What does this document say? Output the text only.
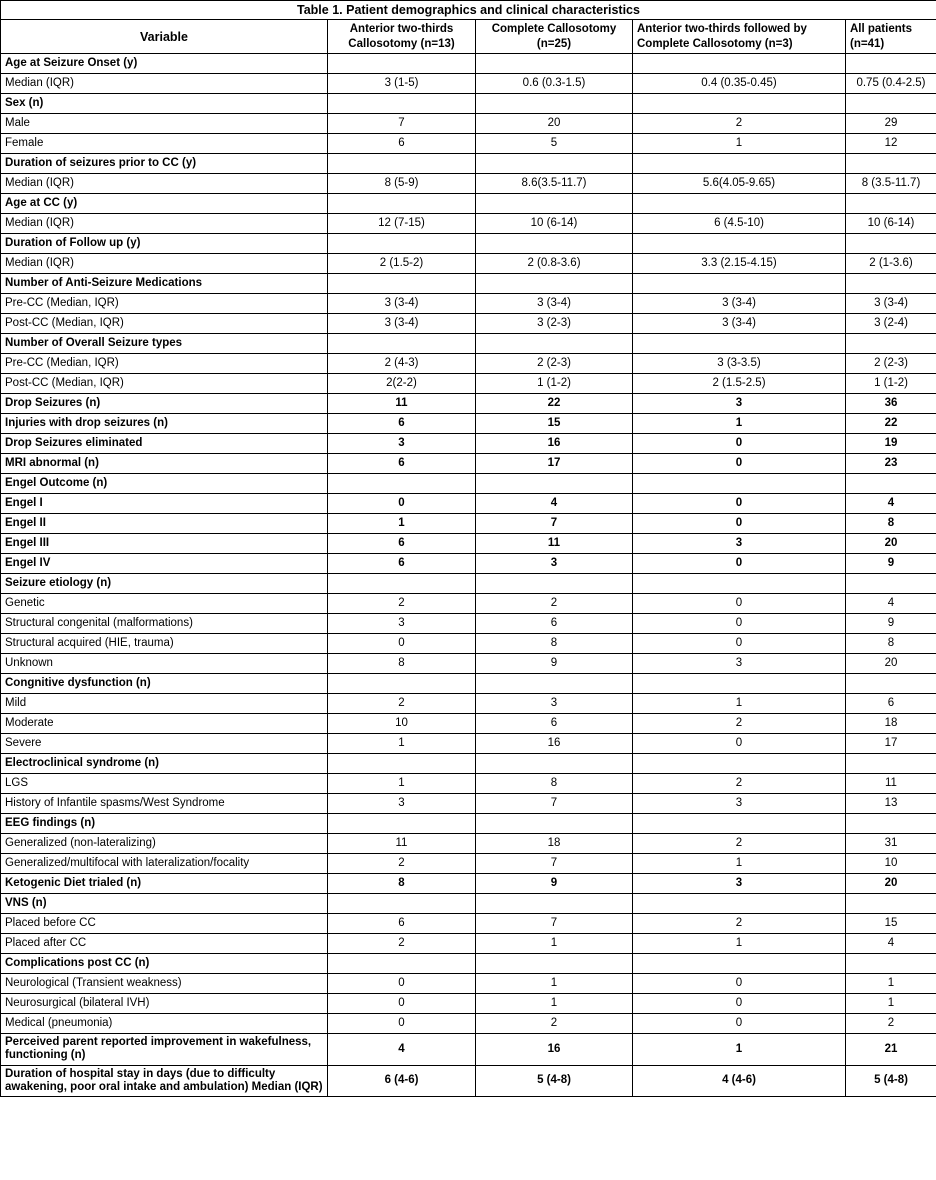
Table 1. Patient demographics and clinical characteristics				
Variable	Anterior two-thirds Callosotomy (n=13)	Complete Callosotomy (n=25)	Anterior two-thirds followed by Complete Callosotomy (n=3)	All patients (n=41)
Age at Seizure Onset (y)				
Median (IQR)	3 (1-5)	0.6 (0.3-1.5)	0.4 (0.35-0.45)	0.75 (0.4-2.5)
Sex (n)				
Male	7	20	2	29
Female	6	5	1	12
Duration of seizures prior to CC (y)				
Median (IQR)	8 (5-9)	8.6(3.5-11.7)	5.6(4.05-9.65)	8 (3.5-11.7)
Age at CC (y)				
Median (IQR)	12 (7-15)	10 (6-14)	6 (4.5-10)	10 (6-14)
Duration of Follow up (y)				
Median (IQR)	2 (1.5-2)	2 (0.8-3.6)	3.3 (2.15-4.15)	2 (1-3.6)
Number of Anti-Seizure Medications				
Pre-CC (Median, IQR)	3 (3-4)	3 (3-4)	3 (3-4)	3 (3-4)
Post-CC (Median, IQR)	3 (3-4)	3 (2-3)	3 (3-4)	3 (2-4)
Number of Overall Seizure types				
Pre-CC (Median, IQR)	2 (4-3)	2 (2-3)	3 (3-3.5)	2 (2-3)
Post-CC (Median, IQR)	2(2-2)	1 (1-2)	2 (1.5-2.5)	1 (1-2)
Drop Seizures (n)	11	22	3	36
Injuries with drop seizures (n)	6	15	1	22
Drop Seizures eliminated	3	16	0	19
MRI abnormal (n)	6	17	0	23
Engel Outcome (n)				
Engel I	0	4	0	4
Engel II	1	7	0	8
Engel III	6	11	3	20
Engel IV	6	3	0	9
Seizure etiology (n)				
Genetic	2	2	0	4
Structural congenital (malformations)	3	6	0	9
Structural acquired (HIE, trauma)	0	8	0	8
Unknown	8	9	3	20
Congnitive dysfunction (n)				
Mild	2	3	1	6
Moderate	10	6	2	18
Severe	1	16	0	17
Electroclinical syndrome (n)				
LGS	1	8	2	11
History of Infantile spasms/West Syndrome	3	7	3	13
EEG findings (n)				
Generalized (non-lateralizing)	11	18	2	31
Generalized/multifocal with lateralization/focality	2	7	1	10
Ketogenic Diet trialed (n)	8	9	3	20
VNS (n)				
Placed before CC	6	7	2	15
Placed after CC	2	1	1	4
Complications post CC (n)				
Neurological (Transient weakness)	0	1	0	1
Neurosurgical (bilateral IVH)	0	1	0	1
Medical (pneumonia)	0	2	0	2
Perceived parent reported improvement in wakefulness, functioning (n)	4	16	1	21
Duration of hospital stay in days (due to difficulty awakening, poor oral intake and ambulation) Median (IQR)	6 (4-6)	5 (4-8)	4 (4-6)	5 (4-8)
